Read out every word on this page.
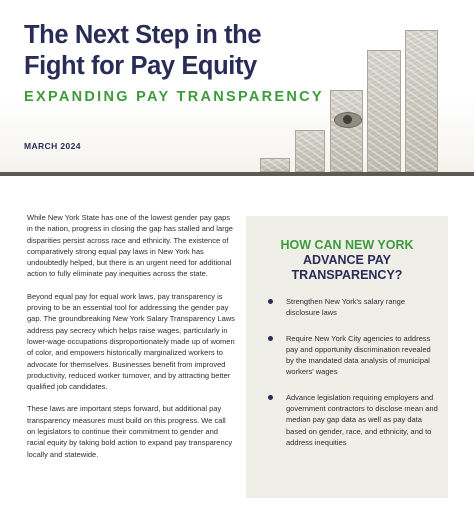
The Next Step in the
Fight for Pay Equity
EXPANDING PAY TRANSPARENCY
MARCH 2024

While New York State has one of the lowest gender pay gaps in the nation, progress in closing the gap has stalled and large disparities persist across race and ethnicity. The existence of comparatively strong equal pay laws in New York has undoubtedly helped, but there is an urgent need for additional action to fully eliminate pay inequities across the state.

Beyond equal pay for equal work laws, pay transparency is proving to be an essential tool for addressing the gender pay gap. The groundbreaking New York Salary Transparency Laws address pay secrecy which helps raise wages, particularly in lower-wage occupations disproportionately made up of women of color, and empowers historically marginalized workers to advocate for themselves. Businesses benefit from improved productivity, reduced worker turnover, and by attracting better qualified job candidates.

These laws are important steps forward, but additional pay transparency measures must build on this progress. We call on legislators to continue their commitment to gender and racial equity by taking bold action to expand pay transparency locally and statewide.

HOW CAN NEW YORK
ADVANCE PAY
TRANSPARENCY?
Strengthen New York's salary range disclosure laws
Require New York City agencies to address pay and opportunity discrimination revealed by the mandated data analysis of municipal workers' wages
Advance legislation requiring employers and government contractors to disclose mean and median pay gap data as well as pay data based on gender, race, and ethnicity, and to address inequities
